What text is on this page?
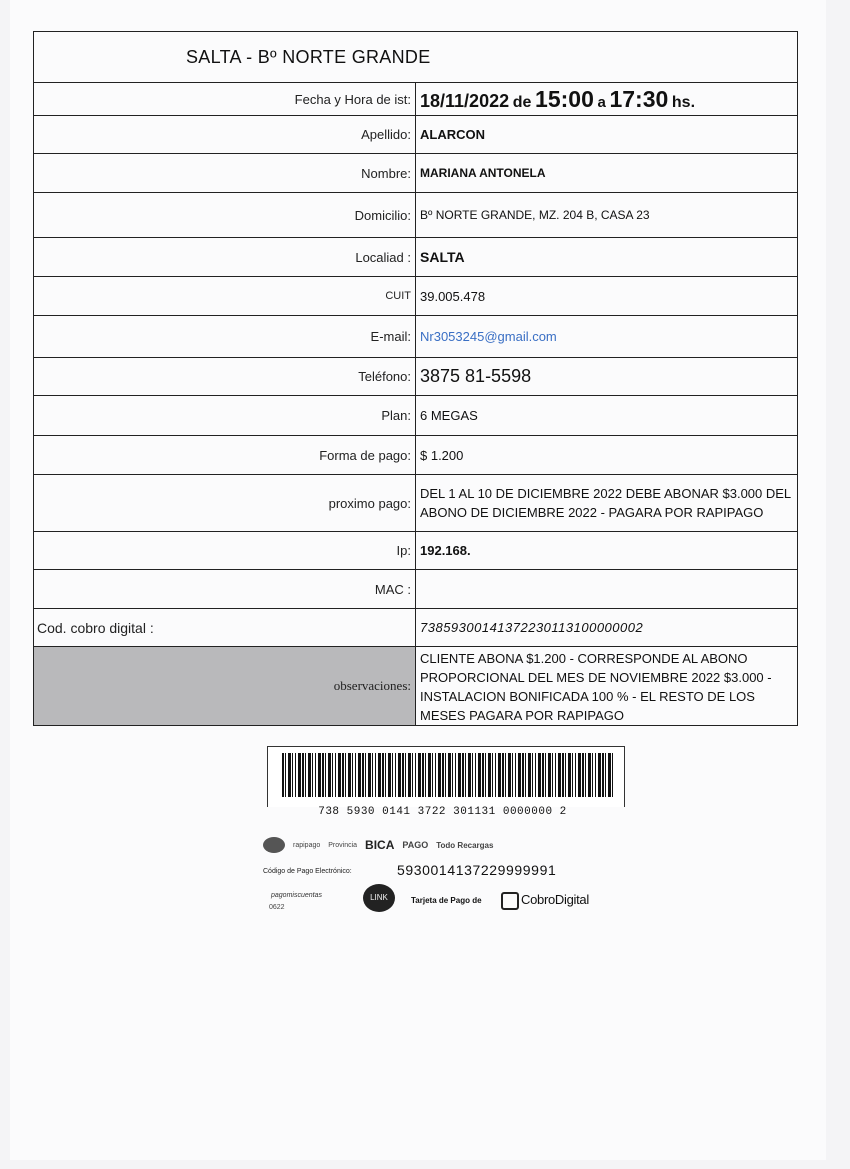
SALTA - Bº NORTE GRANDE	
Fecha y Hora de ist:	18/11/2022 de 15:00 a 17:30 hs.
Apellido:	ALARCON
Nombre:	MARIANA ANTONELA
Domicilio:	Bº NORTE GRANDE, MZ. 204 B, CASA 23
Localiad :	SALTA
CUIT	39.005.478
E-mail:	Nr3053245@gmail.com
Teléfono:	3875 81-5598
Plan:	6 MEGAS
Forma de pago:	$ 1.200
proximo pago:	DEL 1 AL 10 DE DICIEMBRE 2022 DEBE ABONAR $3.000 DEL ABONO DE DICIEMBRE 2022 - PAGARA POR RAPIPAGO
Ip:	192.168.
MAC :	
Cod. cobro digital :	73859300141372230113100000002
observaciones:	CLIENTE ABONA $1.200 - CORRESPONDE AL ABONO PROPORCIONAL DEL MES DE NOVIEMBRE 2022 $3.000 - INSTALACION BONIFICADA 100 % - EL RESTO DE LOS MESES PAGARA POR RAPIPAGO
738 5930 0141 3722 301131 0000000 2
rapipago Provincia BICA PAGO Todo Recargas
Código de Pago Electrónico:	5930014137229999991
pagomiscuentas
0622
LINK	Tarjeta de Pago de	CobroDigital
